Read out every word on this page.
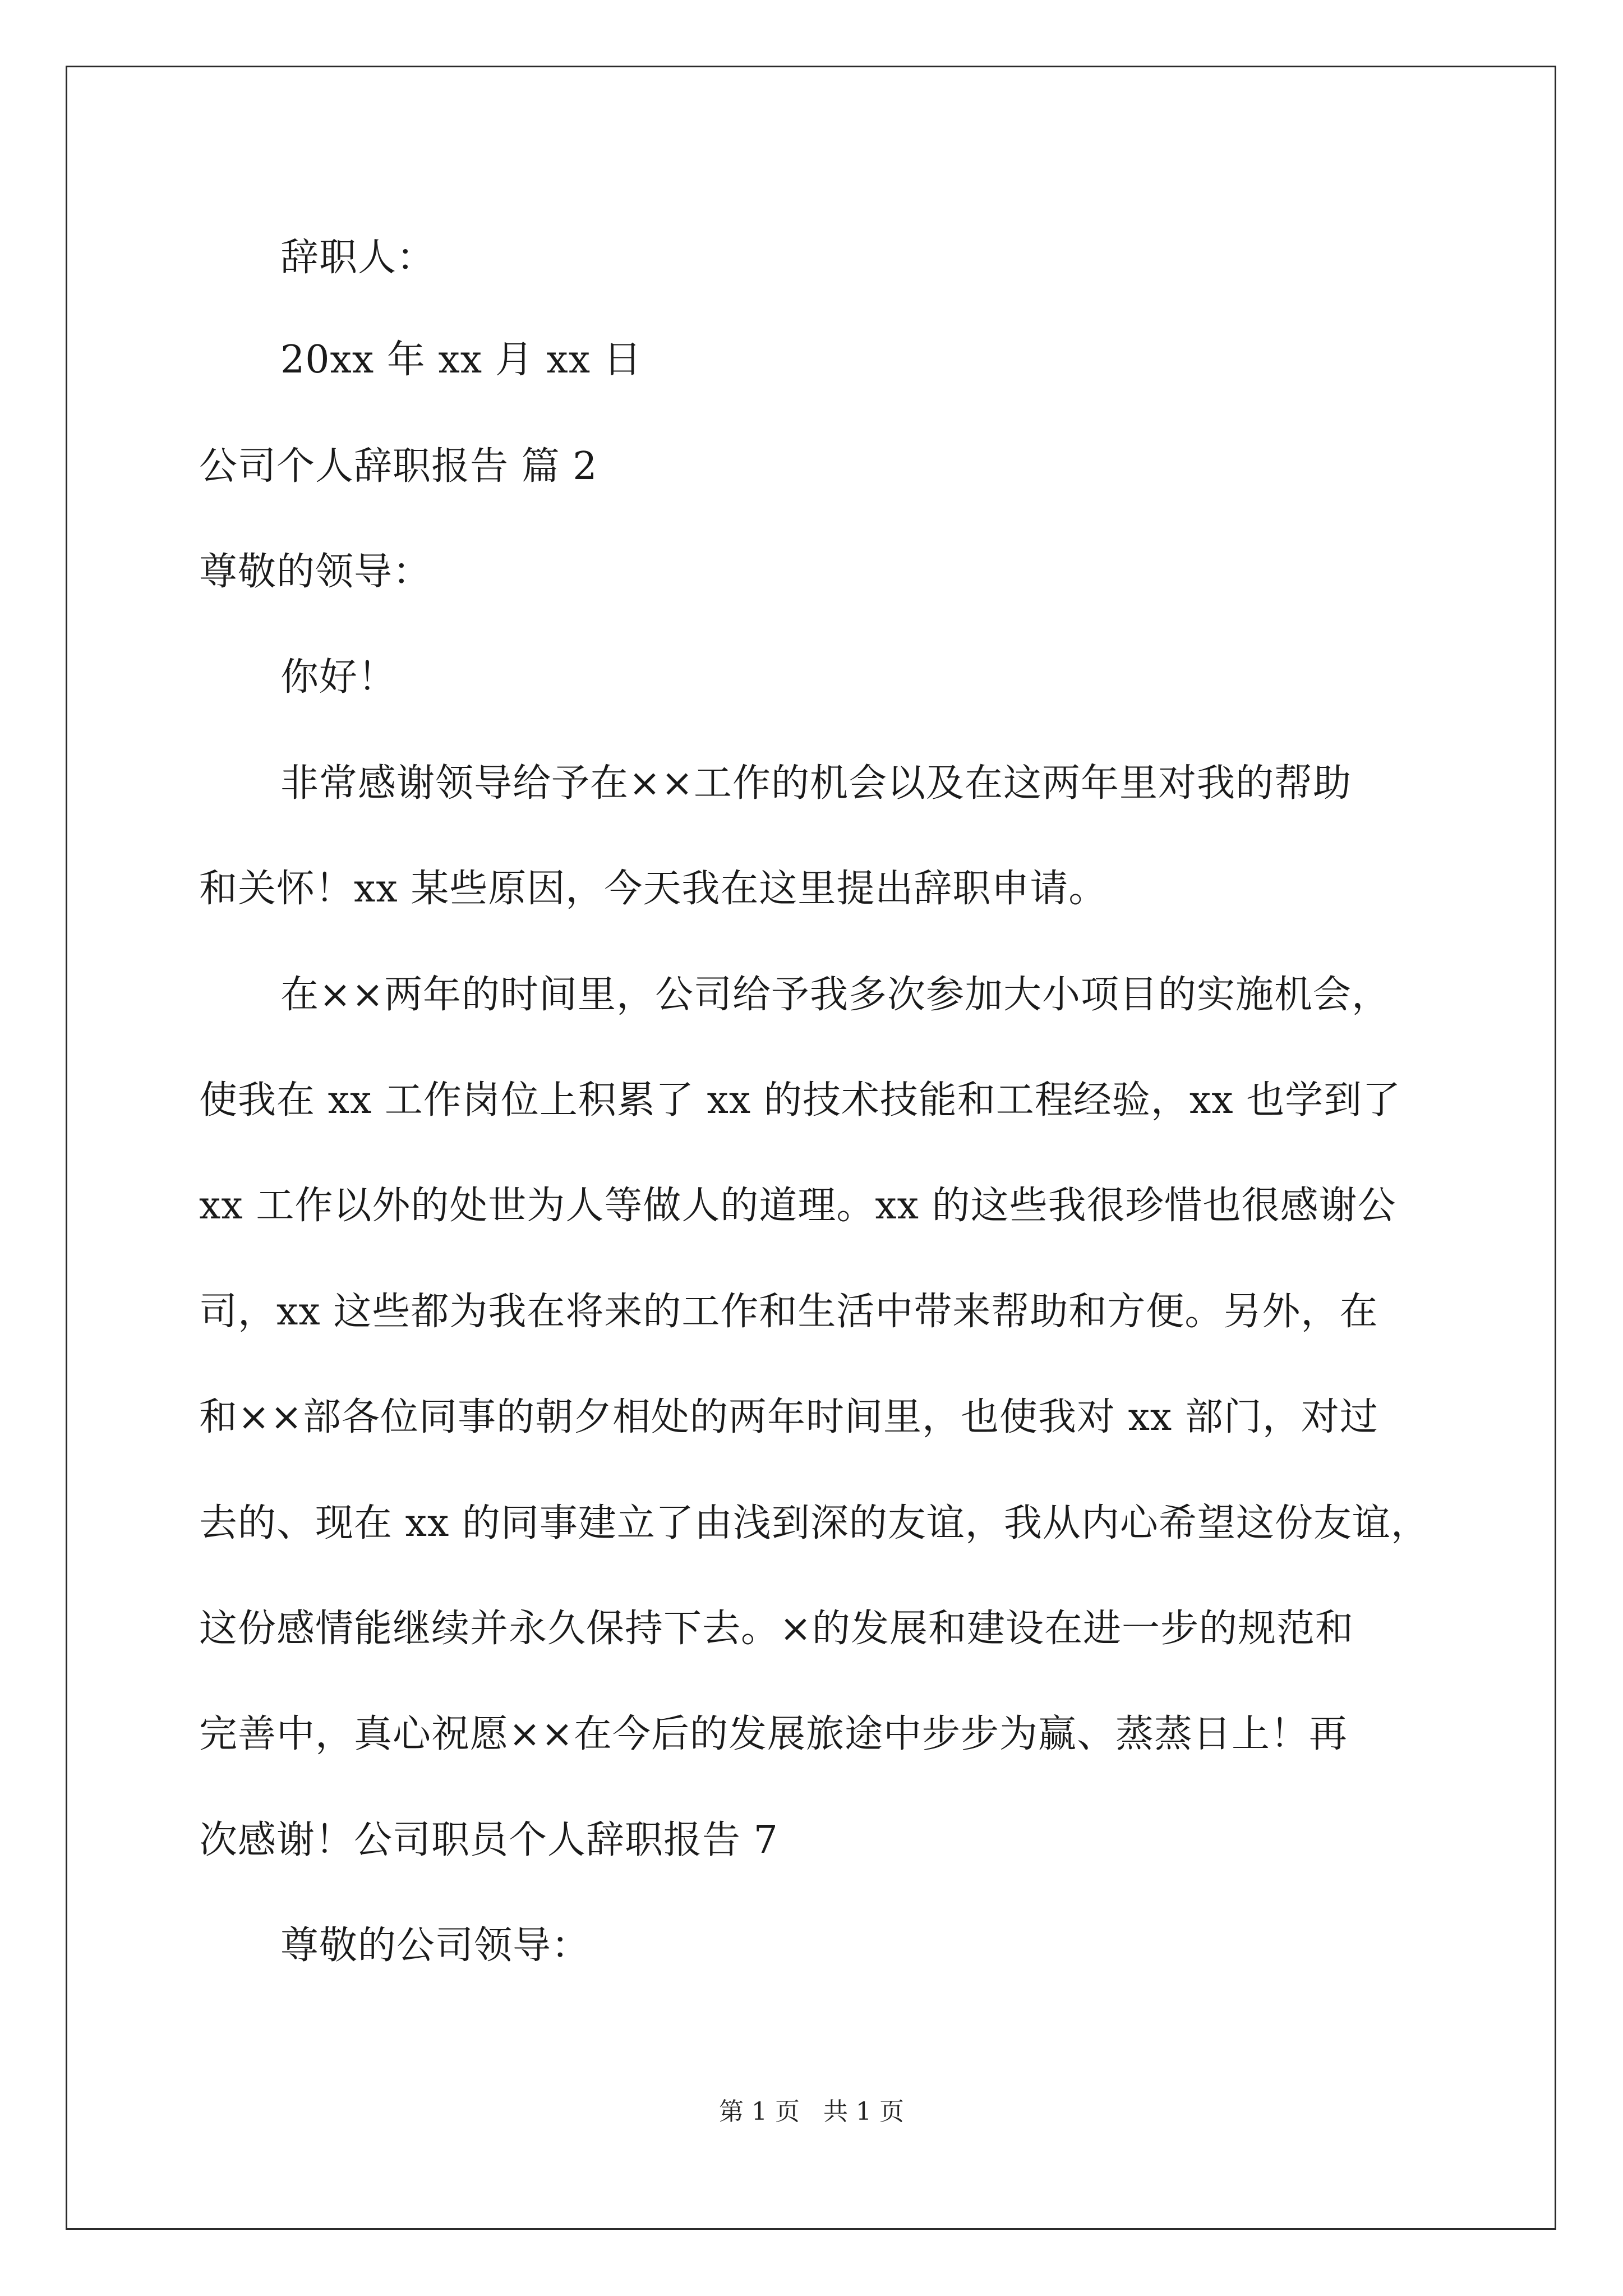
辞职人：
20xx 年 xx 月 xx 日
公司个人辞职报告 篇 2
尊敬的领导：
你好！
非常感谢领导给予在××工作的机会以及在这两年里对我的帮助
和关怀！xx 某些原因，今天我在这里提出辞职申请。
在××两年的时间里，公司给予我多次参加大小项目的实施机会，
使我在 xx 工作岗位上积累了 xx 的技术技能和工程经验，xx 也学到了
xx 工作以外的处世为人等做人的道理。xx 的这些我很珍惜也很感谢公
司，xx 这些都为我在将来的工作和生活中带来帮助和方便。另外，在
和××部各位同事的朝夕相处的两年时间里，也使我对 xx 部门，对过
去的、现在 xx 的同事建立了由浅到深的友谊，我从内心希望这份友谊，
这份感情能继续并永久保持下去。×的发展和建设在进一步的规范和
完善中，真心祝愿××在今后的发展旅途中步步为赢、蒸蒸日上！再
次感谢！公司职员个人辞职报告 7
尊敬的公司领导：
第 1 页 共 1 页
